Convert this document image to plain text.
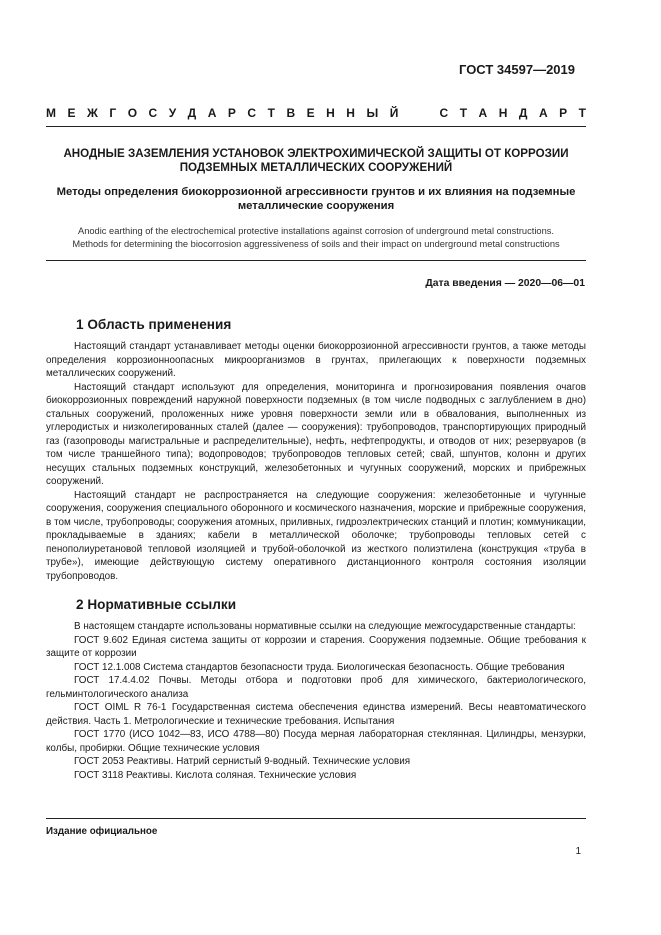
ГОСТ 34597—2019
М Е Ж Г О С У Д А Р С Т В Е Н Н Ы Й

	С Т А Н Д А Р Т
АНОДНЫЕ ЗАЗЕМЛЕНИЯ УСТАНОВОК ЭЛЕКТРОХИМИЧЕСКОЙ ЗАЩИТЫ ОТ КОРРОЗИИ
ПОДЗЕМНЫХ МЕТАЛЛИЧЕСКИХ СООРУЖЕНИЙ
Методы определения биокоррозионной агрессивности грунтов и их влияния на подземные
металлические сооружения
Anodic earthing of the electrochemical protective installations against corrosion of underground metal constructions.
Methods for determining the biocorrosion aggressiveness of soils and their impact on underground metal constructions
Дата введения — 2020—06—01
1 Область применения

Настоящий стандарт устанавливает методы оценки биокоррозионной агрессивности грунтов, а также методы определения коррозионноопасных микроорганизмов в грунтах, прилегающих к поверхности подземных металлических сооружений.

Настоящий стандарт используют для определения, мониторинга и прогнозирования появления очагов биокоррозионных повреждений наружной поверхности подземных (в том числе подводных с заглублением в дно) стальных сооружений, проложенных ниже уровня поверхности земли или в обвалования, выполненных из углеродистых и низколегированных сталей (далее — сооружения): трубопроводов, транспортирующих природный газ (газопроводы магистральные и распределительные), нефть, нефтепродукты, и отводов от них; резервуаров (в том числе траншейного типа); водопроводов; трубопроводов тепловых сетей; свай, шпунтов, колонн и других несущих стальных подземных конструкций, железобетонных и чугунных сооружений, морских и прибрежных сооружений.

Настоящий стандарт не распространяется на следующие сооружения: железобетонные и чугунные сооружения, сооружения специального оборонного и космического назначения, морские и прибрежные сооружения, в том числе, трубопроводы; сооружения атомных, приливных, гидроэлектрических станций и плотин; коммуникации, прокладываемые в зданиях; кабели в металлической оболочке; трубопроводы тепловых сетей с пенополиуретановой тепловой изоляцией и трубой-оболочкой из жесткого полиэтилена (конструкция «труба в трубе»), имеющие действующую систему оперативного дистанционного контроля состояния изоляции трубопроводов.

2 Нормативные ссылки

В настоящем стандарте использованы нормативные ссылки на следующие межгосударственные стандарты:

ГОСТ 9.602 Единая система защиты от коррозии и старения. Сооружения подземные. Общие требования к защите от коррозии

ГОСТ 12.1.008 Система стандартов безопасности труда. Биологическая безопасность. Общие требования

ГОСТ 17.4.4.02 Почвы. Методы отбора и подготовки проб для химического, бактериологического, гельминтологического анализа

ГОСТ OIML R 76-1 Государственная система обеспечения единства измерений. Весы неавтоматического действия. Часть 1. Метрологические и технические требования. Испытания

ГОСТ 1770 (ИСО 1042—83, ИСО 4788—80) Посуда мерная лабораторная стеклянная. Цилиндры, мензурки, колбы, пробирки. Общие технические условия

ГОСТ 2053 Реактивы. Натрий сернистый 9-водный. Технические условия

ГОСТ 3118 Реактивы. Кислота соляная. Технические условия

Издание официальное
1
